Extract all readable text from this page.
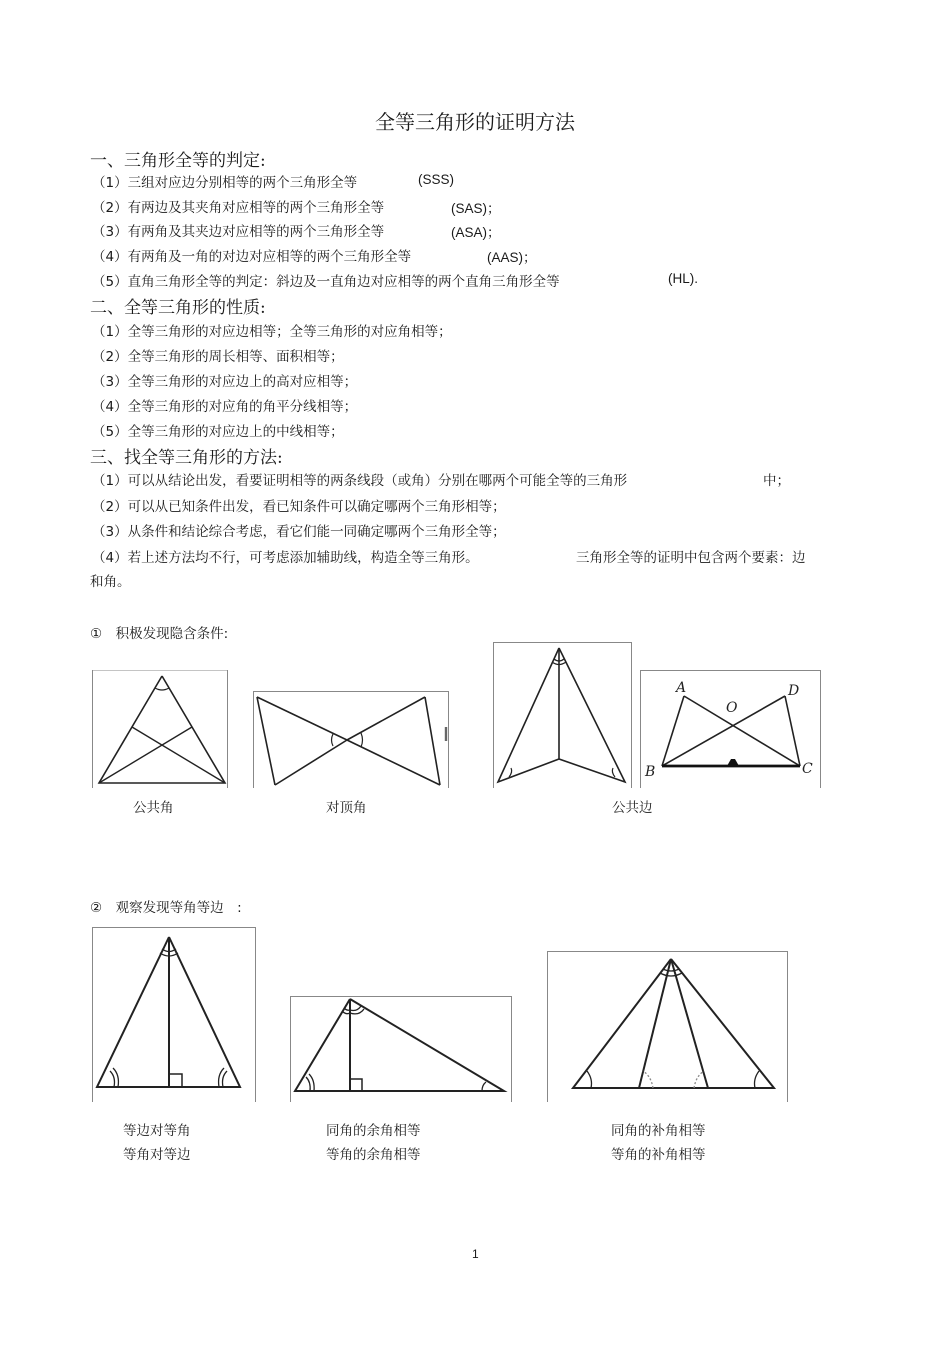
全等三角形的证明方法
一、三角形全等的判定:
（1）三组对应边分别相等的两个三角形全等	(SSS)
（2）有两边及其夹角对应相等的两个三角形全等	(SAS)；
（3）有两角及其夹边对应相等的两个三角形全等	(ASA)；
（4）有两角及一角的对边对应相等的两个三角形全等	(AAS)；
（5）直角三角形全等的判定：斜边及一直角边对应相等的两个直角三角形全等	(HL).
二、全等三角形的性质:
（1）全等三角形的对应边相等；全等三角形的对应角相等；
（2）全等三角形的周长相等、面积相等；
（3）全等三角形的对应边上的高对应相等；
（4）全等三角形的对应角的角平分线相等；
（5）全等三角形的对应边上的中线相等；
三、找全等三角形的方法:
（1）可以从结论出发，看要证明相等的两条线段（或角）分别在哪两个可能全等的三角形	中；
（2）可以从已知条件出发，看已知条件可以确定哪两个三角形相等；
（3）从条件和结论综合考虑，看它们能一同确定哪两个三角形全等；
（4）若上述方法均不行，可考虑添加辅助线，构造全等三角形。	三角形全等的证明中包含两个要素：边
和角。
①　积极发现隐含条件:
A	D
O
B	C
公共角	对顶角	公共边
②　观察发现等角等边　:
等边对等角
等角对等边
同角的余角相等
等角的余角相等
同角的补角相等
等角的补角相等
1
